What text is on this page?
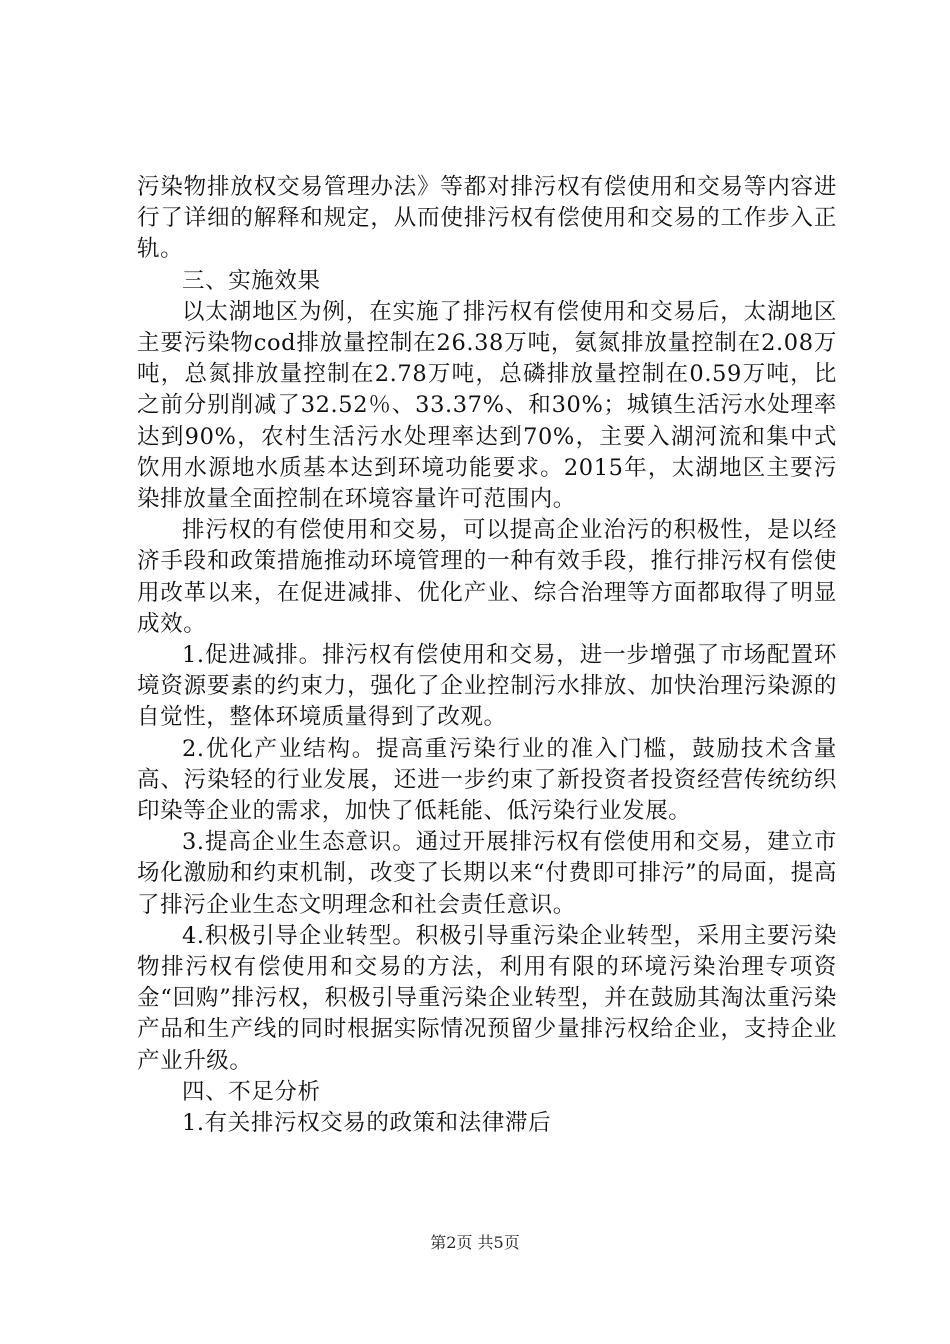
污染物排放权交易管理办法》等都对排污权有偿使用和交易等内容进行了详细的解释和规定，从而使排污权有偿使用和交易的工作步入正轨。

三、实施效果

以太湖地区为例，在实施了排污权有偿使用和交易后，太湖地区主要污染物cod排放量控制在26.38万吨，氨氮排放量控制在2.08万吨，总氮排放量控制在2.78万吨，总磷排放量控制在0.59万吨，比之前分别削减了32.52％、33.37%、和30%；城镇生活污水处理率达到90%，农村生活污水处理率达到70%，主要入湖河流和集中式饮用水源地水质基本达到环境功能要求。2015年，太湖地区主要污染排放量全面控制在环境容量许可范围内。

排污权的有偿使用和交易，可以提高企业治污的积极性，是以经济手段和政策措施推动环境管理的一种有效手段，推行排污权有偿使用改革以来，在促进减排、优化产业、综合治理等方面都取得了明显成效。

1.促进减排。排污权有偿使用和交易，进一步增强了市场配置环境资源要素的约束力，强化了企业控制污水排放、加快治理污染源的自觉性，整体环境质量得到了改观。

2.优化产业结构。提高重污染行业的准入门槛，鼓励技术含量高、污染轻的行业发展，还进一步约束了新投资者投资经营传统纺织印染等企业的需求，加快了低耗能、低污染行业发展。

3.提高企业生态意识。通过开展排污权有偿使用和交易，建立市场化激励和约束机制，改变了长期以来“付费即可排污”的局面，提高了排污企业生态文明理念和社会责任意识。

4.积极引导企业转型。积极引导重污染企业转型，采用主要污染物排污权有偿使用和交易的方法，利用有限的环境污染治理专项资金“回购”排污权，积极引导重污染企业转型，并在鼓励其淘汰重污染产品和生产线的同时根据实际情况预留少量排污权给企业，支持企业产业升级。

四、不足分析

1.有关排污权交易的政策和法律滞后

第2页 共5页
